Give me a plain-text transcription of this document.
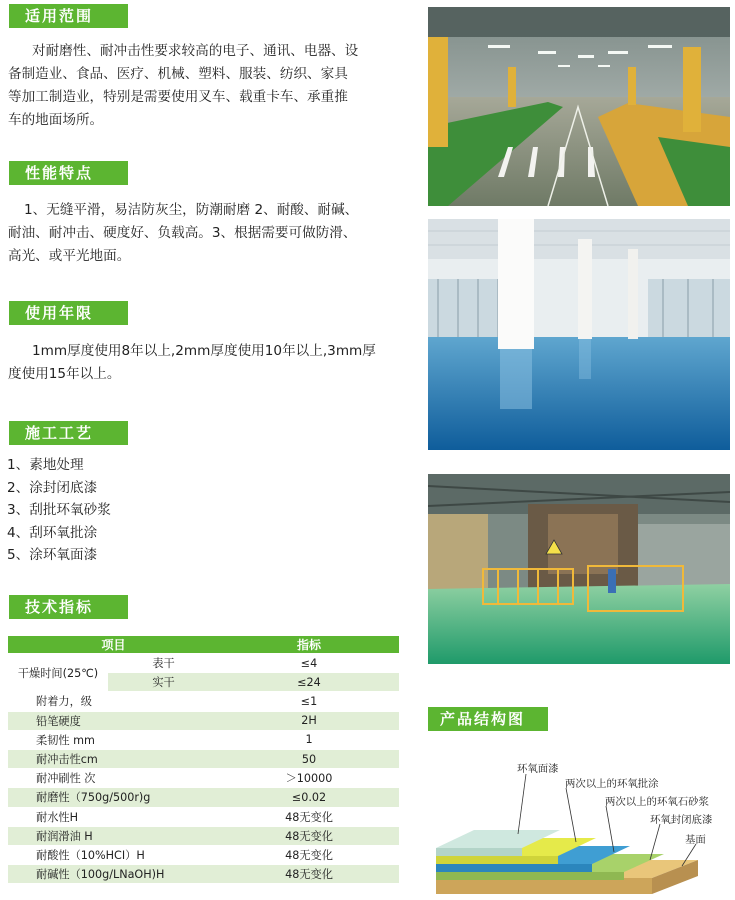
适用范围

对耐磨性、耐冲击性要求较高的电子、通讯、电器、设

备制造业、食品、医疗、机械、塑料、服装、纺织、家具

等加工制造业，特别是需要使用叉车、载重卡车、承重推

车的地面场所。

性能特点

1、无缝平滑，易洁防灰尘，防潮耐磨 2、耐酸、耐碱、

耐油、耐冲击、硬度好、负载高。3、根据需要可做防滑、

高光、或平光地面。

使用年限

1mm厚度使用8年以上,2mm厚度使用10年以上,3mm厚

度使用15年以上。

施工工艺
1、素地处理
2、涂封闭底漆
3、刮批环氧砂浆
4、刮环氧批涂
5、涂环氧面漆
技术指标
项目		指标
干燥时间(25℃)	表干	≤4
	实干	≤24
附着力，级		≤1
铅笔硬度		2H
柔韧性 mm		1
耐冲击性cm		50
耐冲刷性 次		＞10000
耐磨性（750g/500r)g		≤0.02
耐水性H		48无变化
耐润滑油 H		48无变化
耐酸性（10%HCI）H		48无变化
耐碱性（100g/LNaOH)H		48无变化
产品结构图
环氧面漆
两次以上的环氧批涂
两次以上的环氧石砂浆
环氧封闭底漆
基面
